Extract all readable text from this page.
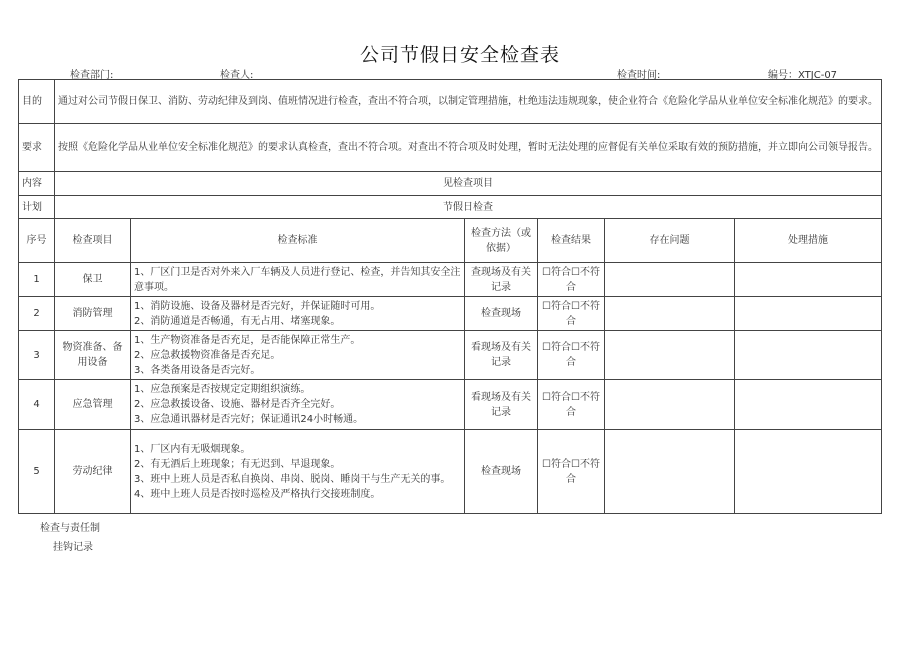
公司节假日安全检查表
检查部门:	检查人:	检查时间:	编号：XTJC-07
目的	通过对公司节假日保卫、消防、劳动纪律及到岗、值班情况进行检查，查出不符合项，以制定管理措施，杜绝违法违规现象，使企业符合《危险化学品从业单位安全标准化规范》的要求。					
要求	按照《危险化学品从业单位安全标准化规范》的要求认真检查，查出不符合项。对查出不符合项及时处理，暂时无法处理的应督促有关单位采取有效的预防措施，并立即向公司领导报告。					
内容	见检查项目					
计划	节假日检查					
序号	检查项目	检查标准	检查方法（或依据）	检查结果	存在问题	处理措施
1	保卫	1、厂区门卫是否对外来入厂车辆及人员进行登记、检查，并告知其安全注意事项。	查现场及有关记录	☐符合☐不符合		
2	消防管理	1、消防设施、设备及器材是否完好，并保证随时可用。
2、消防通道是否畅通，有无占用、堵塞现象。	检查现场	☐符合☐不符合		
3	物资准备、备用设备	1、生产物资准备是否充足，是否能保障正常生产。
2、应急救援物资准备是否充足。
3、各类备用设备是否完好。	看现场及有关记录	☐符合☐不符合		
4	应急管理	1、应急预案是否按规定定期组织演练。
2、应急救援设备、设施、器材是否齐全完好。
3、应急通讯器材是否完好；保证通讯24小时畅通。	看现场及有关记录	☐符合☐不符合		
5	劳动纪律	1、厂区内有无吸烟现象。
2、有无酒后上班现象；有无迟到、早退现象。
3、班中上班人员是否私自换岗、串岗、脱岗、睡岗干与生产无关的事。
4、班中上班人员是否按时巡检及严格执行交接班制度。	检查现场	☐符合☐不符合		
检查与责任制
挂钩记录
